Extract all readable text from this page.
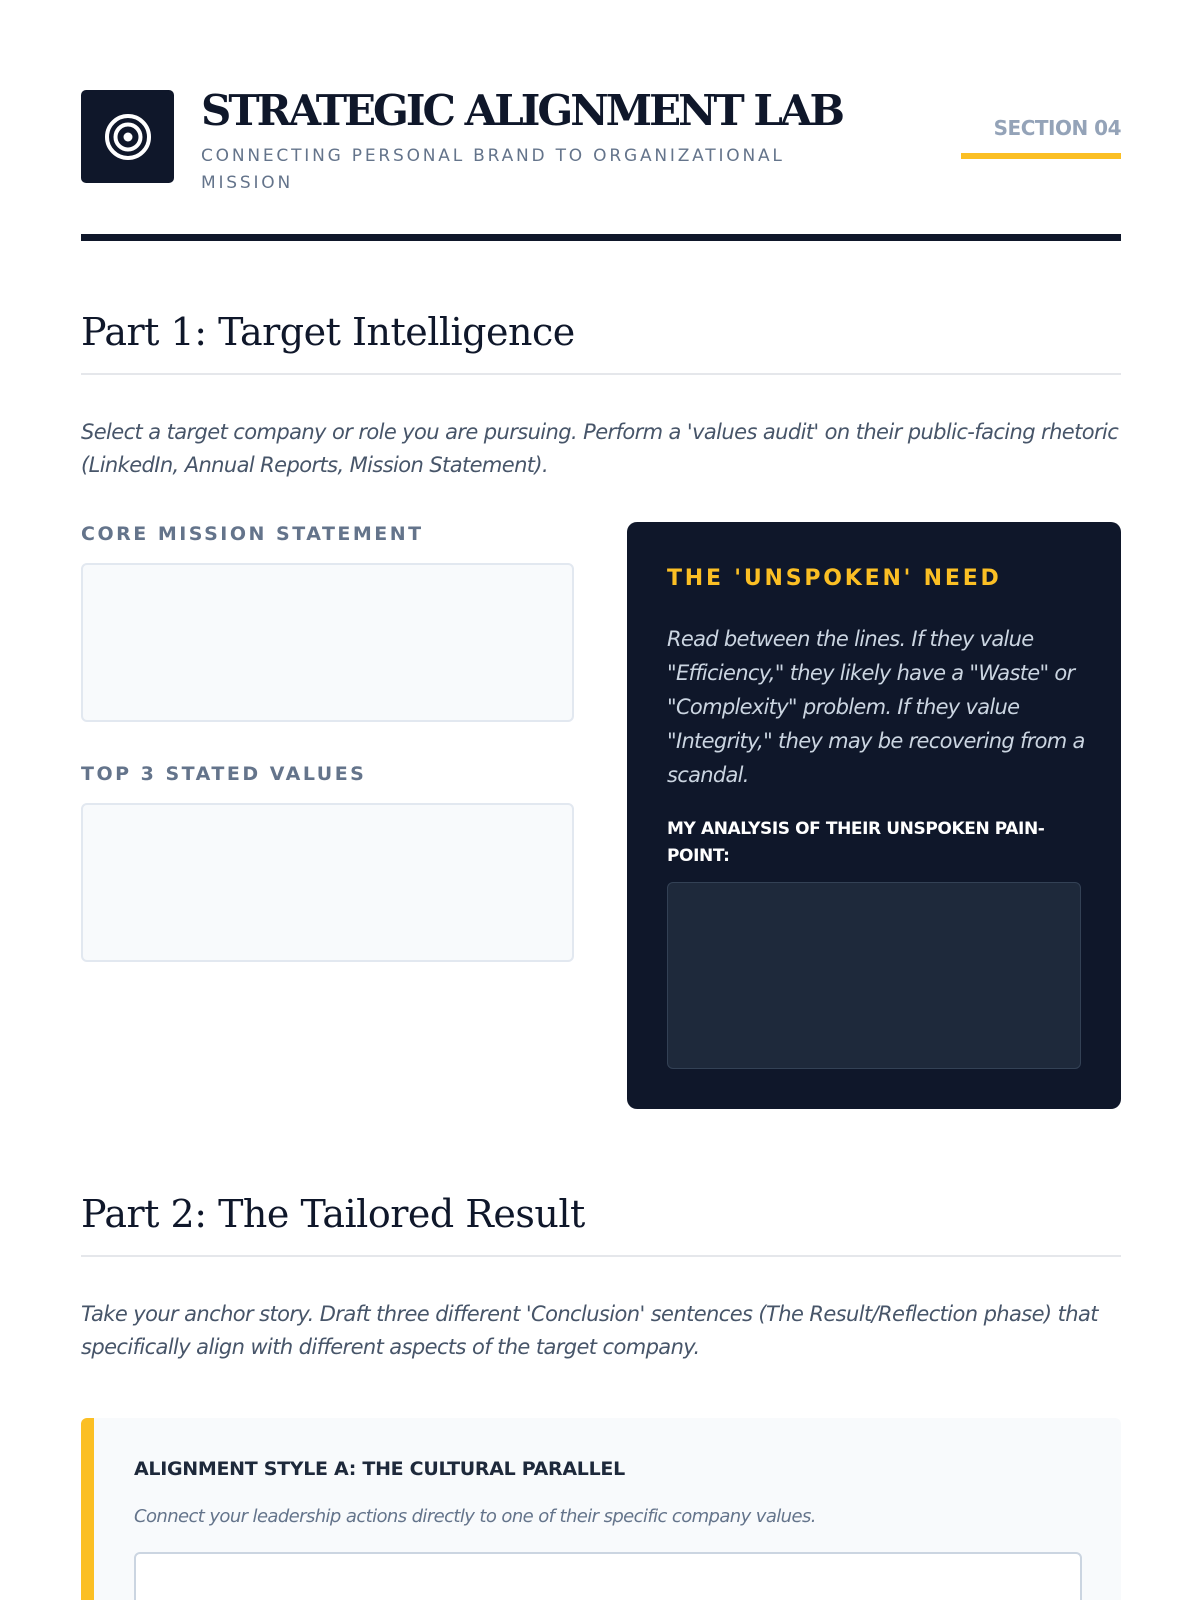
STRATEGIC ALIGNMENT LAB
CONNECTING PERSONAL BRAND TO ORGANIZATIONAL MISSION
SECTION 04
Part 1: Target Intelligence
Select a target company or role you are pursuing. Perform a 'values audit' on their public-facing rhetoric (LinkedIn, Annual Reports, Mission Statement).
CORE MISSION STATEMENT
TOP 3 STATED VALUES
THE 'UNSPOKEN' NEED
Read between the lines. If they value "Efficiency," they likely have a "Waste" or "Complexity" problem. If they value "Integrity," they may be recovering from a scandal.
MY ANALYSIS OF THEIR UNSPOKEN PAIN-POINT:
Part 2: The Tailored Result
Take your anchor story. Draft three different 'Conclusion' sentences (The Result/Reflection phase) that specifically align with different aspects of the target company.
ALIGNMENT STYLE A: THE CULTURAL PARALLEL
Connect your leadership actions directly to one of their specific company values.
